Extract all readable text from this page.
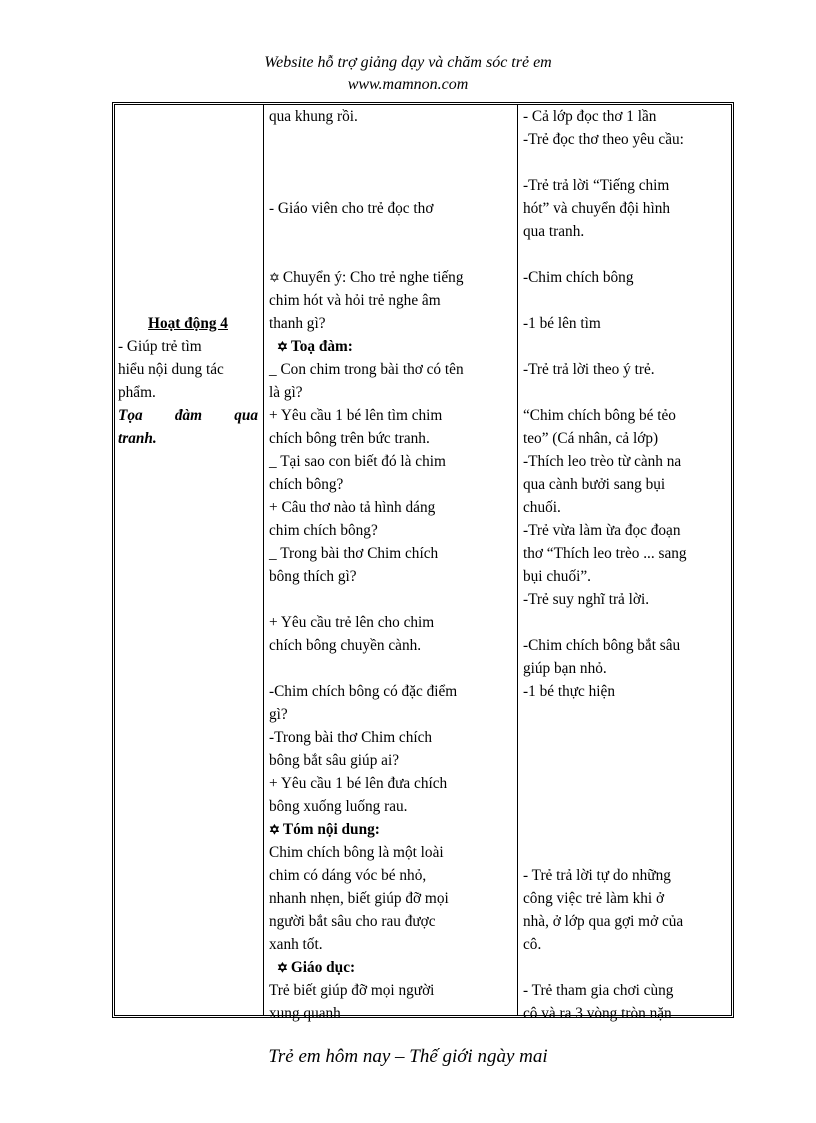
Website hỗ trợ giảng dạy và chăm sóc trẻ em
www.mamnon.com
Hoạt động 4
- Giúp trẻ tìm
hiểu nội dung tác
phẩm.
Tọa đàm qua
tranh.
qua khung rồi.
- Giáo viên cho trẻ đọc thơ
✡ Chuyển ý: Cho trẻ nghe tiếng
chim hót và hỏi trẻ nghe âm
thanh gì?
✡ Toạ đàm:
_ Con chim trong bài thơ có tên
là gì?
+ Yêu cầu 1 bé lên tìm chim
chích bông trên bức tranh.
_ Tại sao con biết đó là chim
chích bông?
+ Câu thơ nào tả hình dáng
chim chích bông?
_ Trong bài thơ Chim chích
bông thích gì?
+ Yêu cầu trẻ lên cho chim
chích bông chuyền cành.
-Chim chích bông có đặc điểm
gì?
-Trong bài thơ Chim chích
bông bắt sâu giúp ai?
+ Yêu cầu 1 bé lên đưa chích
bông xuống luống rau.
✡ Tóm nội dung:
Chim chích bông là một loài
chim có dáng vóc bé nhỏ,
nhanh nhẹn, biết giúp đỡ mọi
người bắt sâu cho rau được
xanh tốt.
✡ Giáo dục:
Trẻ biết giúp đỡ mọi người
xung quanh
- Cả lớp đọc thơ 1 lần
-Trẻ đọc thơ theo yêu cầu:
-Trẻ trả lời “Tiếng chim
hót” và chuyển đội hình
qua tranh.
-Chim chích bông
-1 bé lên tìm
-Trẻ trả lời theo ý trẻ.
“Chim chích bông bé tẻo
teo” (Cá nhân, cả lớp)
-Thích leo trèo từ cành na
qua cành bưởi sang bụi
chuối.
-Trẻ vừa làm ừa đọc đoạn
thơ “Thích leo trèo ... sang
bụi chuối”.
-Trẻ suy nghĩ trả lời.
-Chim chích bông bắt sâu
giúp bạn nhỏ.
-1 bé thực hiện
- Trẻ trả lời tự do những
công việc trẻ làm khi ở
nhà, ở lớp qua gợi mở của
cô.
- Trẻ tham gia chơi cùng
cô và ra 3 vòng tròn nặn
Trẻ em hôm nay – Thế giới ngày mai
